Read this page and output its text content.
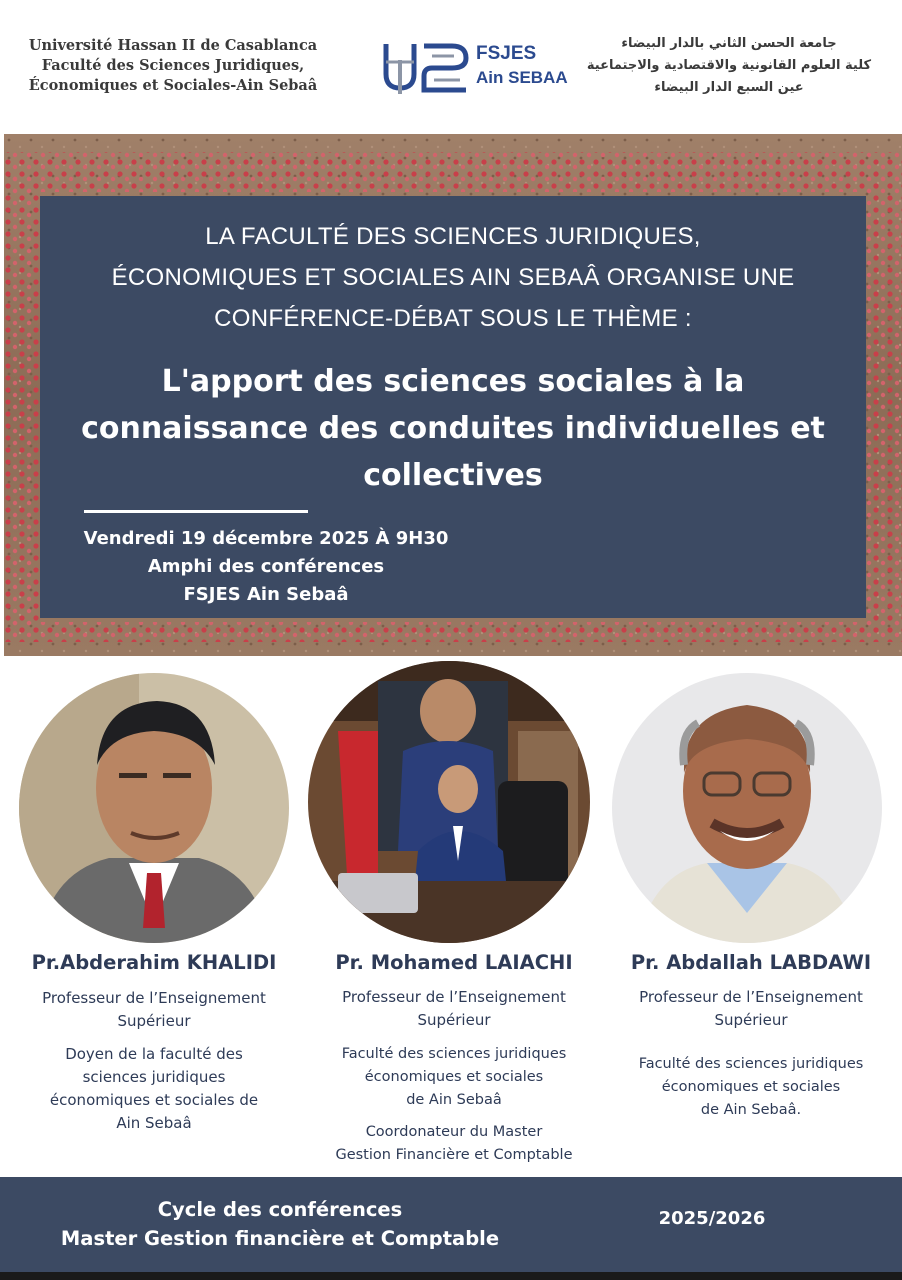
Université Hassan II de Casablanca
Faculté des Sciences Juridiques,
Économiques et Sociales-Ain Sebaâ
FSJES
Ain SEBAA
جامعة الحسن الثاني بالدار البيضاء
كلية العلوم القانونية والاقتصادية والاجتماعية
عين السبع الدار البيضاء
LA FACULTÉ DES SCIENCES JURIDIQUES,
ÉCONOMIQUES ET SOCIALES AIN SEBAÂ ORGANISE UNE
CONFÉRENCE-DÉBAT SOUS LE THÈME :
L'apport des sciences sociales à la
connaissance des conduites individuelles et
collectives
Vendredi 19 décembre 2025 À 9H30
Amphi des conférences
FSJES Ain Sebaâ
Pr.Abderahim KHALIDI
Professeur de l’Enseignement
Supérieur
Doyen de la faculté des
sciences juridiques
économiques et sociales de
Ain Sebaâ
Pr. Mohamed LAIACHI
Professeur de l’Enseignement
Supérieur
Faculté des sciences juridiques
économiques et sociales
de Ain Sebaâ
Coordonateur du Master
Gestion Financière et Comptable
Pr. Abdallah LABDAWI
Professeur de l’Enseignement
Supérieur
Faculté des sciences juridiques
économiques et sociales
de Ain Sebaâ.
Cycle des conférences
Master Gestion financière et Comptable
2025/2026
